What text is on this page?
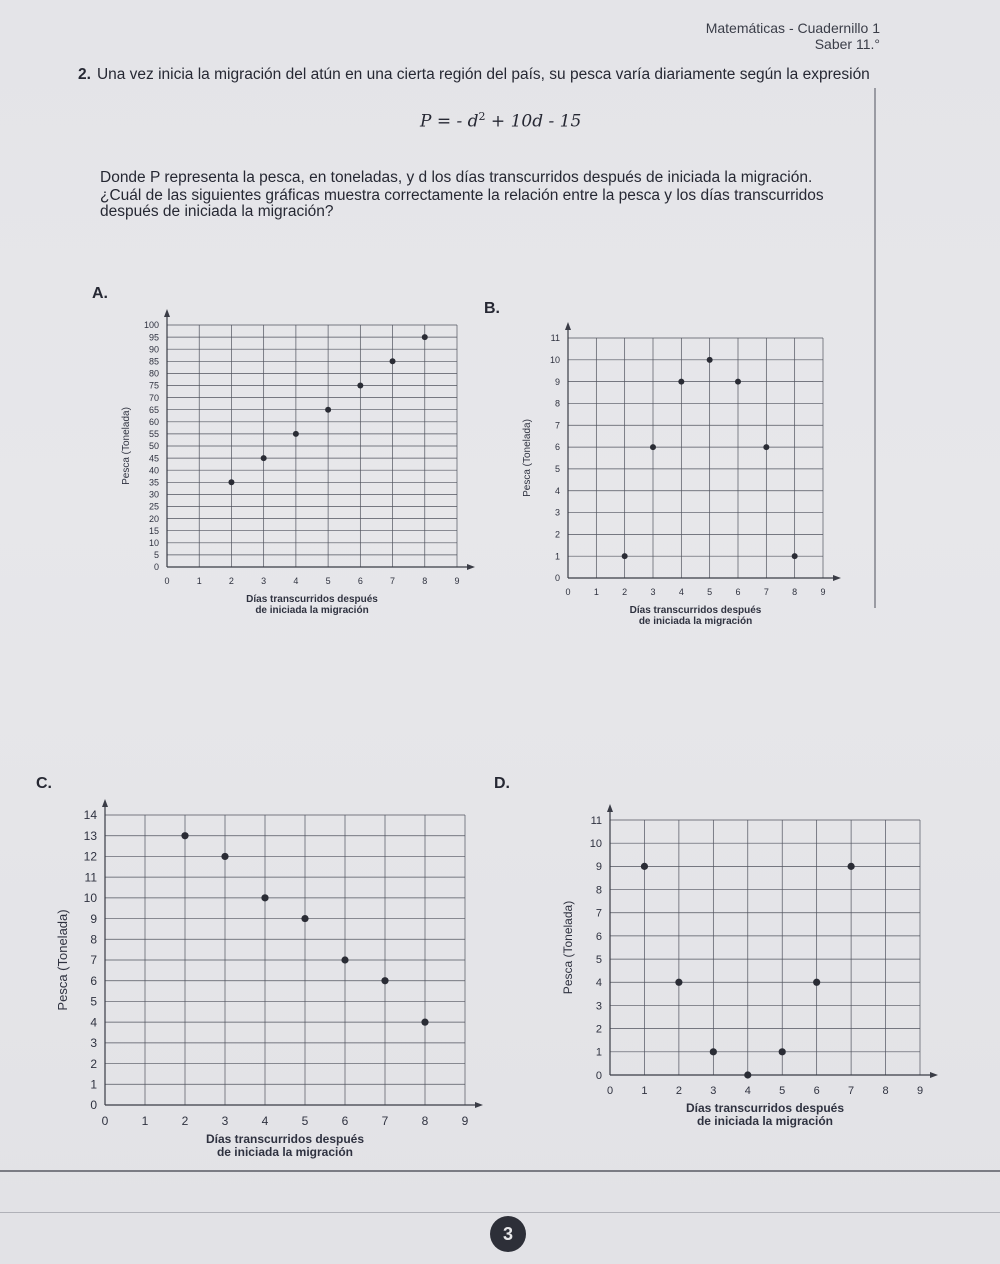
Matemáticas - Cuadernillo 1
Saber 11.°
2. Una vez inicia la migración del atún en una cierta región del país, su pesca varía diariamente según la expresión
P = - $d^2 + 10d - 15$
Donde P representa la pesca, en toneladas, y d los días transcurridos después de iniciada la migración.
¿Cuál de las siguientes gráficas muestra correctamente la relación entre la pesca y los días transcurridos después de iniciada la migración?
A.
B.
C.	D.
0	1	2	3	4	5	6	7	8	9
0
5
10
15
20
25
30
35
40
45
50
55
60
65
70
75
80
85
90
95
100
Pesca (Tonelada)
Días transcurridos después
de iniciada la migración
0	1	2	3	4	5	6	7	8	9
0
1
2
3
4
5
6
7
8
9
10
11
Pesca (Tonelada)
Días transcurridos después
de iniciada la migración
0	1	2	3	4	5	6	7	8	9
0
1
2
3
4
5
6
7
8
9
10
11
12
13
14
Pesca (Tonelada)
Días transcurridos después
de iniciada la migración
0	1	2	3	4	5	6	7	8	9
0
1
2
3
4
5
6
7
8
9
10
11
Pesca (Tonelada)
Días transcurridos después
de iniciada la migración
3
